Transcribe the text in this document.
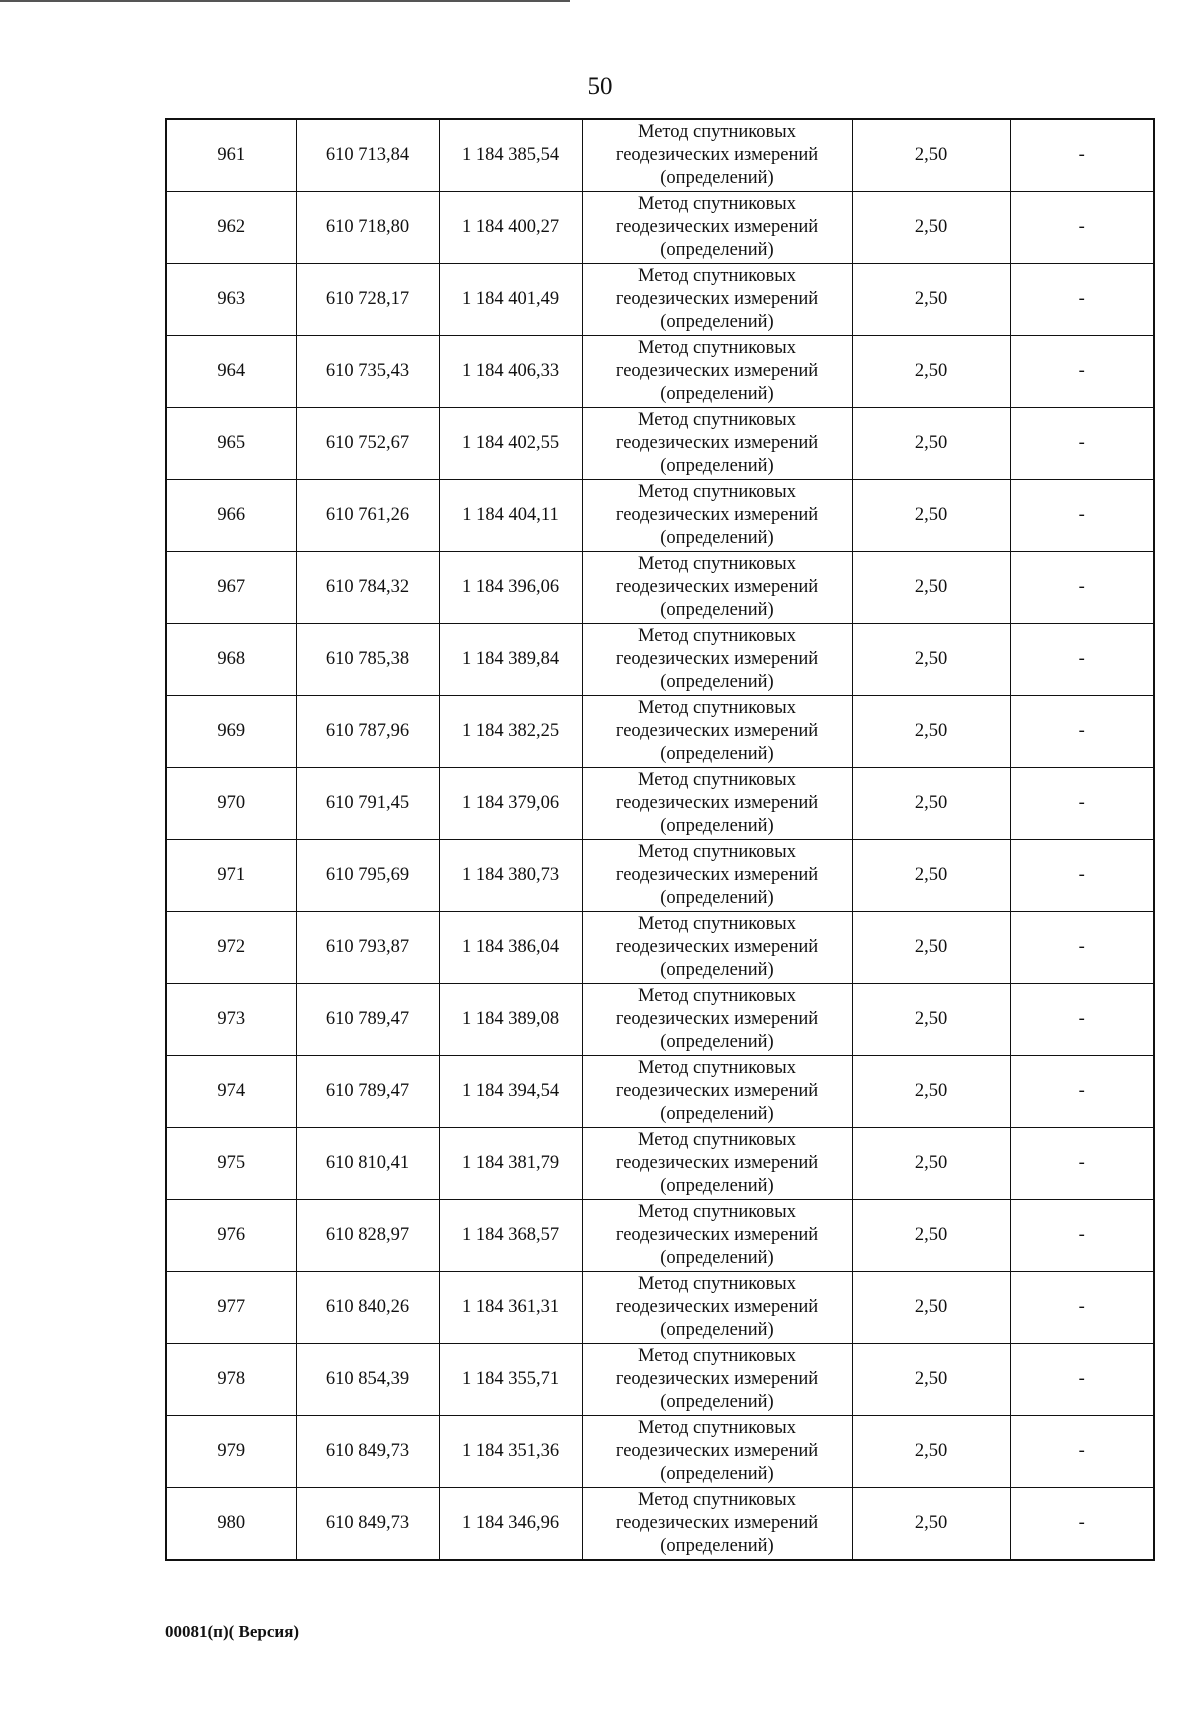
50
961	610 713,84	1 184 385,54	Метод спутниковых
геодезических измерений
(определений)	2,50	-
962	610 718,80	1 184 400,27	Метод спутниковых
геодезических измерений
(определений)	2,50	-
963	610 728,17	1 184 401,49	Метод спутниковых
геодезических измерений
(определений)	2,50	-
964	610 735,43	1 184 406,33	Метод спутниковых
геодезических измерений
(определений)	2,50	-
965	610 752,67	1 184 402,55	Метод спутниковых
геодезических измерений
(определений)	2,50	-
966	610 761,26	1 184 404,11	Метод спутниковых
геодезических измерений
(определений)	2,50	-
967	610 784,32	1 184 396,06	Метод спутниковых
геодезических измерений
(определений)	2,50	-
968	610 785,38	1 184 389,84	Метод спутниковых
геодезических измерений
(определений)	2,50	-
969	610 787,96	1 184 382,25	Метод спутниковых
геодезических измерений
(определений)	2,50	-
970	610 791,45	1 184 379,06	Метод спутниковых
геодезических измерений
(определений)	2,50	-
971	610 795,69	1 184 380,73	Метод спутниковых
геодезических измерений
(определений)	2,50	-
972	610 793,87	1 184 386,04	Метод спутниковых
геодезических измерений
(определений)	2,50	-
973	610 789,47	1 184 389,08	Метод спутниковых
геодезических измерений
(определений)	2,50	-
974	610 789,47	1 184 394,54	Метод спутниковых
геодезических измерений
(определений)	2,50	-
975	610 810,41	1 184 381,79	Метод спутниковых
геодезических измерений
(определений)	2,50	-
976	610 828,97	1 184 368,57	Метод спутниковых
геодезических измерений
(определений)	2,50	-
977	610 840,26	1 184 361,31	Метод спутниковых
геодезических измерений
(определений)	2,50	-
978	610 854,39	1 184 355,71	Метод спутниковых
геодезических измерений
(определений)	2,50	-
979	610 849,73	1 184 351,36	Метод спутниковых
геодезических измерений
(определений)	2,50	-
980	610 849,73	1 184 346,96	Метод спутниковых
геодезических измерений
(определений)	2,50	-
00081(п)( Версия)
